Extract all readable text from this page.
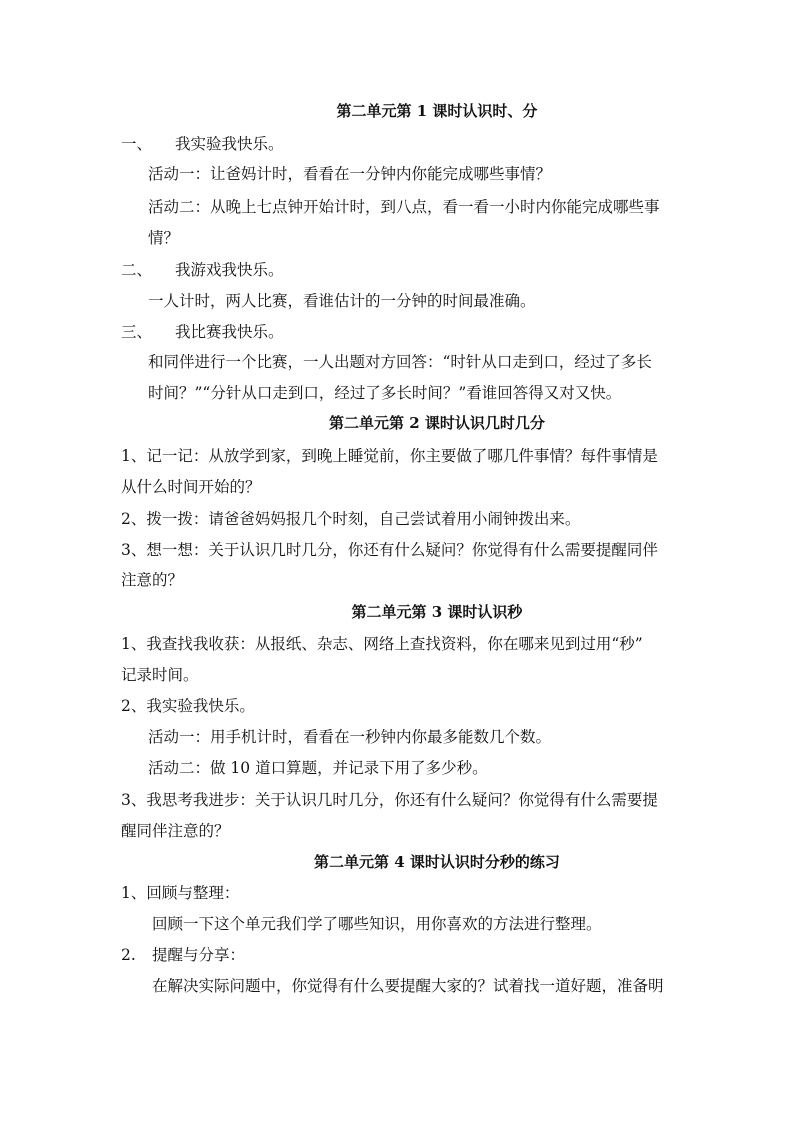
第二单元第 1 课时认识时、分
一、 我实验我快乐。
活动一：让爸妈计时，看看在一分钟内你能完成哪些事情？
活动二：从晚上七点钟开始计时，到八点，看一看一小时内你能完成哪些事
情？
二、 我游戏我快乐。
一人计时，两人比赛，看谁估计的一分钟的时间最准确。
三、 我比赛我快乐。
和同伴进行一个比赛，一人出题对方回答：“时针从口走到口，经过了多长
时间？”“分针从口走到口，经过了多长时间？”看谁回答得又对又快。
第二单元第 2 课时认识几时几分
1、记一记：从放学到家，到晚上睡觉前，你主要做了哪几件事情？每件事情是
从什么时间开始的？
2、拨一拨：请爸爸妈妈报几个时刻，自己尝试着用小闹钟拨出来。
3、想一想：关于认识几时几分，你还有什么疑问？你觉得有什么需要提醒同伴
注意的？
第二单元第 3 课时认识秒
1、我查找我收获：从报纸、杂志、网络上查找资料，你在哪来见到过用“秒”
记录时间。
2、我实验我快乐。
活动一：用手机计时，看看在一秒钟内你最多能数几个数。
活动二：做 10 道口算题，并记录下用了多少秒。
3、我思考我进步：关于认识几时几分，你还有什么疑问？你觉得有什么需要提
醒同伴注意的？
第二单元第 4 课时认识时分秒的练习
1、回顾与整理：
回顾一下这个单元我们学了哪些知识，用你喜欢的方法进行整理。
2. 提醒与分享：
在解决实际问题中，你觉得有什么要提醒大家的？试着找一道好题，准备明
